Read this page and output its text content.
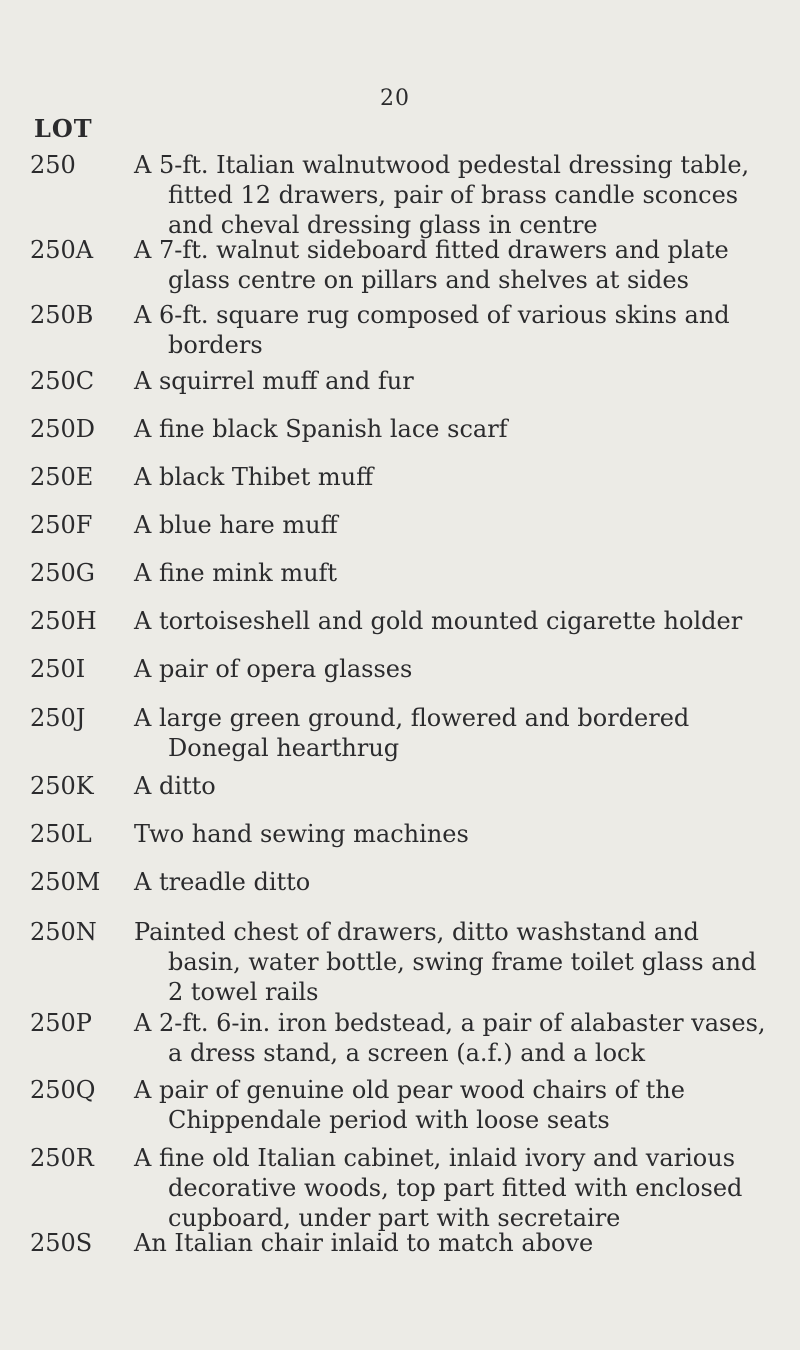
20
LOT
250 A 5-ft. Italian walnutwood pedestal dressing table,
fitted 12 drawers, pair of brass candle sconces
and cheval dressing glass in centre
250A A 7-ft. walnut sideboard fitted drawers and plate
glass centre on pillars and shelves at sides
250B A 6-ft. square rug composed of various skins and
borders
250C A squirrel muff and fur
250D A fine black Spanish lace scarf
250E A black Thibet muff
250F A blue hare muff
250G A fine mink muft
250H A tortoiseshell and gold mounted cigarette holder
250I A pair of opera glasses
250J A large green ground, flowered and bordered
Donegal hearthrug
250K A ditto
250L Two hand sewing machines
250M A treadle ditto
250N Painted chest of drawers, ditto washstand and
basin, water bottle, swing frame toilet glass and
2 towel rails
250P A 2-ft. 6-in. iron bedstead, a pair of alabaster vases,
a dress stand, a screen (a.f.) and a lock
250Q A pair of genuine old pear wood chairs of the
Chippendale period with loose seats
250R A fine old Italian cabinet, inlaid ivory and various
decorative woods, top part fitted with enclosed
cupboard, under part with secretaire
250S An Italian chair inlaid to match above
